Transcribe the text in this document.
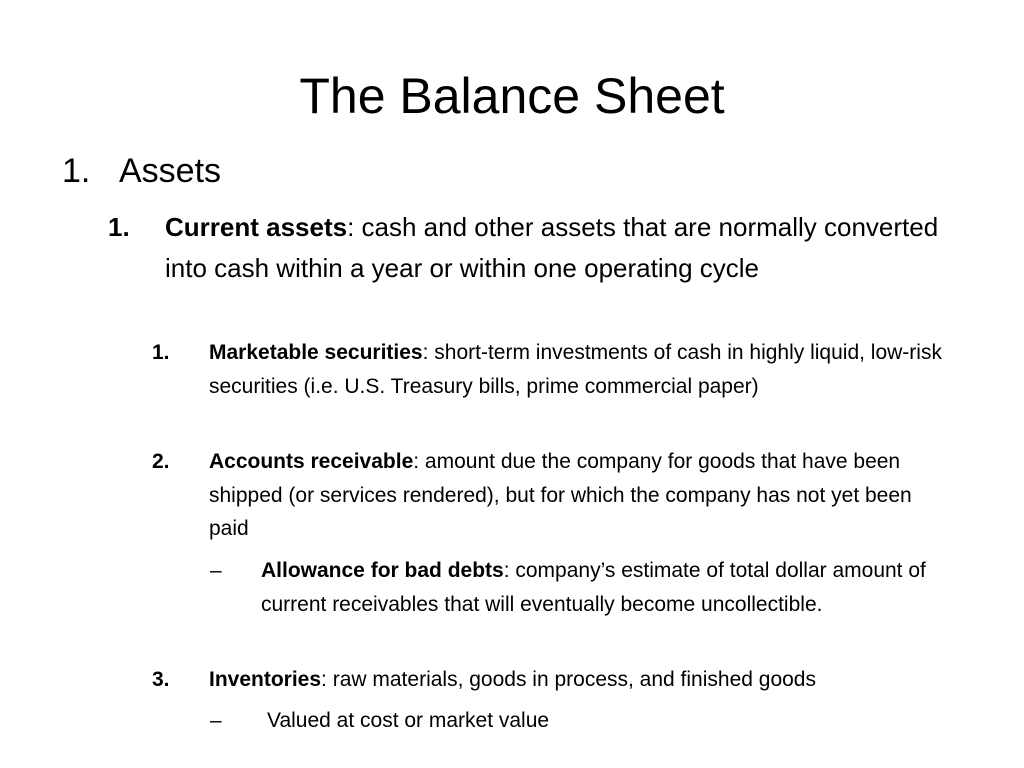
The Balance Sheet
1. Assets
1.	Current assets: cash and other assets that are normally converted into cash within a year or within one operating cycle
1.	Marketable securities: short-term investments of cash in highly liquid, low-risk securities (i.e. U.S. Treasury bills, prime commercial paper)
2.	Accounts receivable: amount due the company for goods that have been shipped (or services rendered), but for which the company has not yet been paid
–	Allowance for bad debts: company’s estimate of total dollar amount of current receivables that will eventually become uncollectible.
3.	Inventories: raw materials, goods in process, and finished goods
–	Valued at cost or market value
